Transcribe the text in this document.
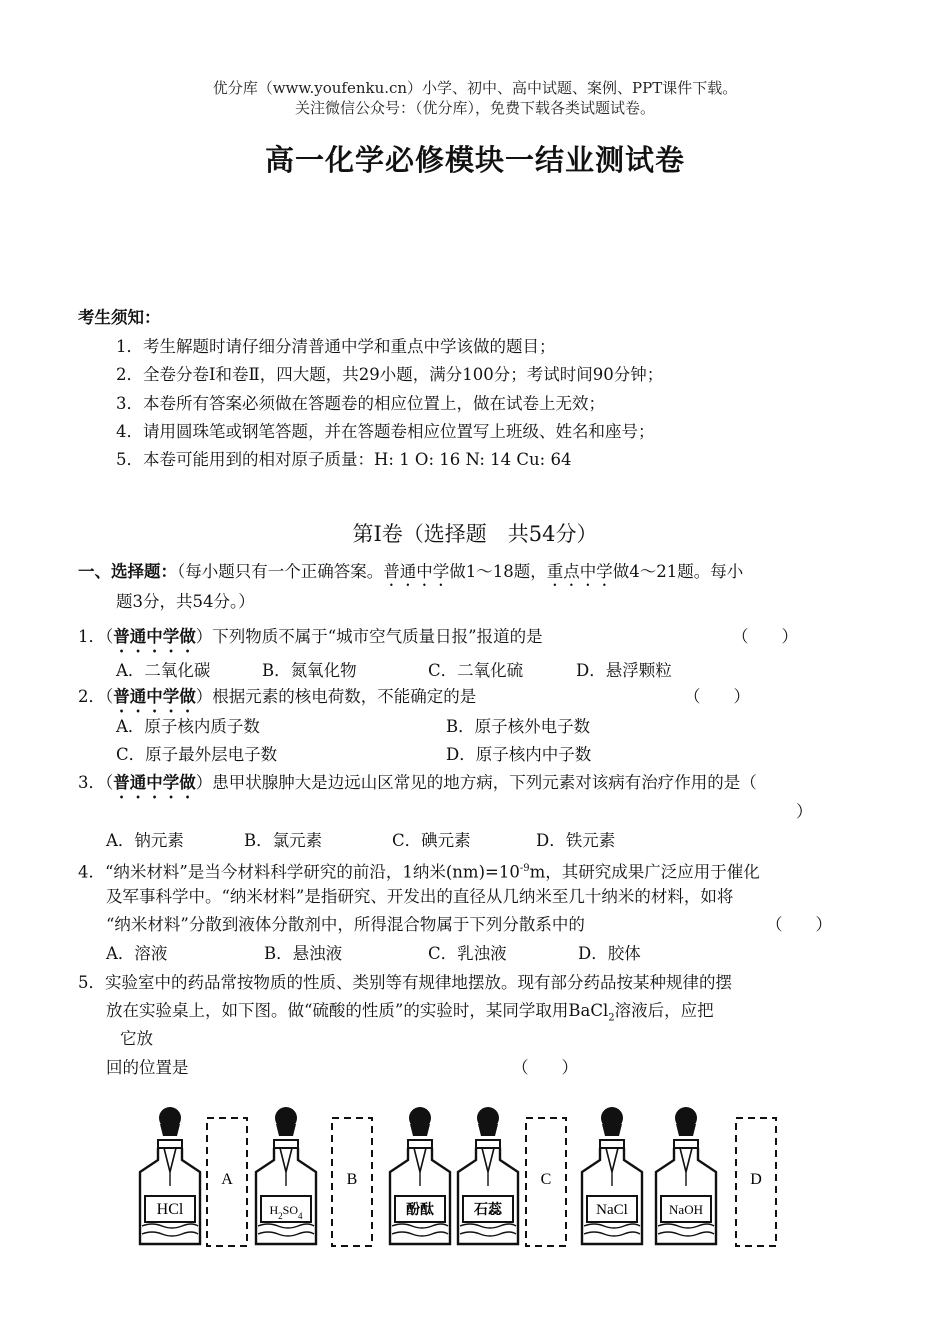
优分库（www.youfenku.cn）小学、初中、高中试题、案例、PPT课件下载。
关注微信公众号：（优分库），免费下载各类试题试卷。
高一化学必修模块一结业测试卷
考生须知：
1．考生解题时请仔细分清普通中学和重点中学该做的题目；
2．全卷分卷Ⅰ和卷Ⅱ，四大题，共29小题，满分100分；考试时间90分钟；
3．本卷所有答案必须做在答题卷的相应位置上，做在试卷上无效；
4．请用圆珠笔或钢笔答题，并在答题卷相应位置写上班级、姓名和座号；
5．本卷可能用到的相对原子质量：H: 1 O: 16 N: 14 Cu: 64
第Ⅰ卷（选择题　共54分）
一、选择题：（每小题只有一个正确答案。普通中学做1～18题，重点中学做4～21题。每小
题3分，共54分。）
1．（普通中学做）下列物质不属于“城市空气质量日报”报道的是	（　　）
A．二氧化碳	B．氮氧化物	C．二氧化硫	D．悬浮颗粒
2．（普通中学做）根据元素的核电荷数，不能确定的是	（　　）
A．原子核内质子数	B．原子核外电子数
C．原子最外层电子数	D．原子核内中子数
3．（普通中学做）患甲状腺肿大是边远山区常见的地方病，下列元素对该病有治疗作用的是（
）
A．钠元素	B．氯元素	C．碘元素	D．铁元素
4．“纳米材料”是当今材料科学研究的前沿，1纳米$(nm)=10^{-9}m$，其研究成果广泛应用于催化
及军事科学中。“纳米材料”是指研究、开发出的直径从几纳米至几十纳米的材料，如将
“纳米材料”分散到液体分散剂中，所得混合物属于下列分散系中的	（　　）
A．溶液	B．悬浊液	C．乳浊液	D．胶体
5．实验室中的药品常按物质的性质、类别等有规律地摆放。现有部分药品按某种规律的摆
放在实验桌上，如下图。做“硫酸的性质”的实验时，某同学取用BaCl$_2$溶液后，应把
它放
回的位置是	（　　）
HCl	$H_2SO_4$	酚酞	石蕊	NaCl	NaOH
A	B	C	D
